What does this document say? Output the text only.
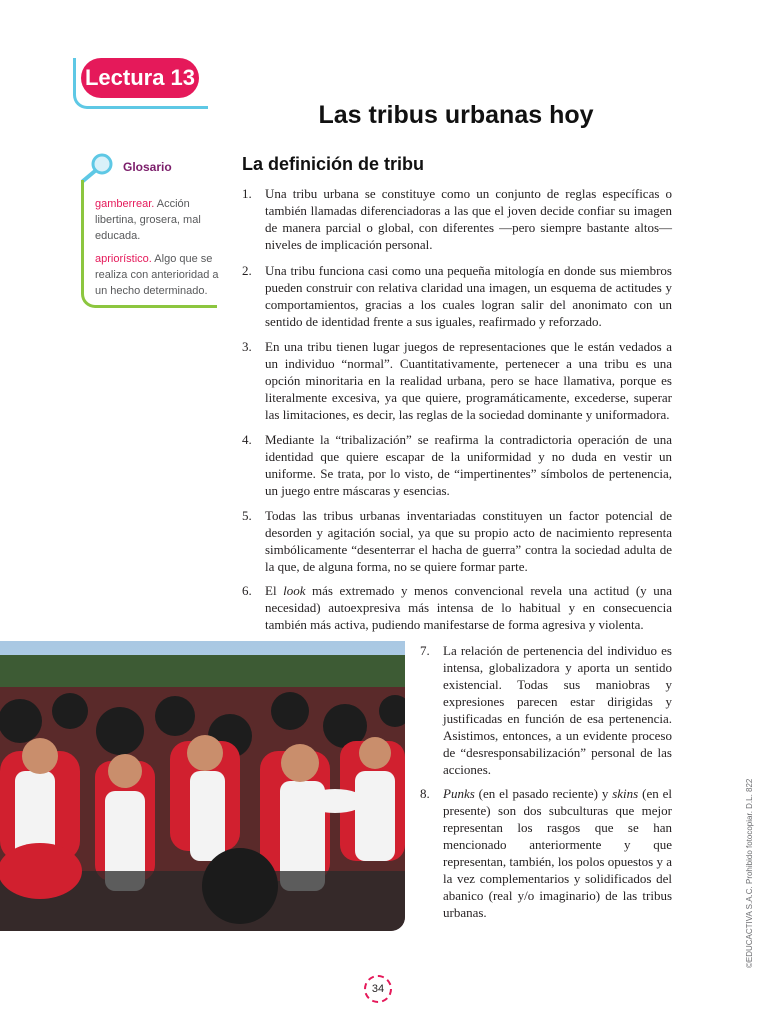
Lectura 13
Las tribus urbanas hoy
Glosario
gamberrear. Acción libertina, grosera, mal educada.
apriorístico. Algo que se realiza con anterioridad a un hecho determinado.
La definición de tribu
1. Una tribu urbana se constituye como un conjunto de reglas específicas o también llamadas diferenciadoras a las que el joven decide confiar su imagen de manera parcial o global, con diferentes —pero siempre bastante altos— niveles de implicación personal.
2. Una tribu funciona casi como una pequeña mitología en donde sus miembros pueden construir con relativa claridad una imagen, un esquema de actitudes y comportamientos, gracias a los cuales logran salir del anonimato con un sentido de identidad frente a sus iguales, reafirmado y reforzado.
3. En una tribu tienen lugar juegos de representaciones que le están vedados a un individuo “normal”. Cuantitativamente, pertenecer a una tribu es una opción minoritaria en la realidad urbana, pero se hace llamativa, porque es literalmente excesiva, ya que quiere, programáticamente, excederse, superar las limitaciones, es decir, las reglas de la sociedad dominante y uniformadora.
4. Mediante la “tribalización” se reafirma la contradictoria operación de una identidad que quiere escapar de la uniformidad y no duda en vestir un uniforme. Se trata, por lo visto, de “impertinentes” símbolos de pertenencia, un juego entre máscaras y esencias.
5. Todas las tribus urbanas inventariadas constituyen un factor potencial de desorden y agitación social, ya que su propio acto de nacimiento representa simbólicamente “desenterrar el hacha de guerra” contra la sociedad adulta de la que, de alguna forma, no se quiere formar parte.
6. El look más extremado y menos convencional revela una actitud (y una necesidad) autoexpresiva más intensa de lo habitual y en consecuencia también más activa, pudiendo manifestarse de forma agresiva y violenta.
7. La relación de pertenencia del individuo es intensa, globalizadora y aporta un sentido existencial. Todas sus maniobras y expresiones parecen estar dirigidas y justificadas en función de esa pertenencia. Asistimos, entonces, a un evidente proceso de “desresponsabilización” personal de las acciones.
8. Punks (en el pasado reciente) y skins (en el presente) son dos subculturas que mejor representan los rasgos que se han mencionado anteriormente y que representan, también, los polos opuestos y a la vez complementarios y solidificados del abanico (real y/o imaginario) de las tribus urbanas.	©EDUCACTIVA S.A.C. Prohibido fotocopiar. D.L. 822
34
